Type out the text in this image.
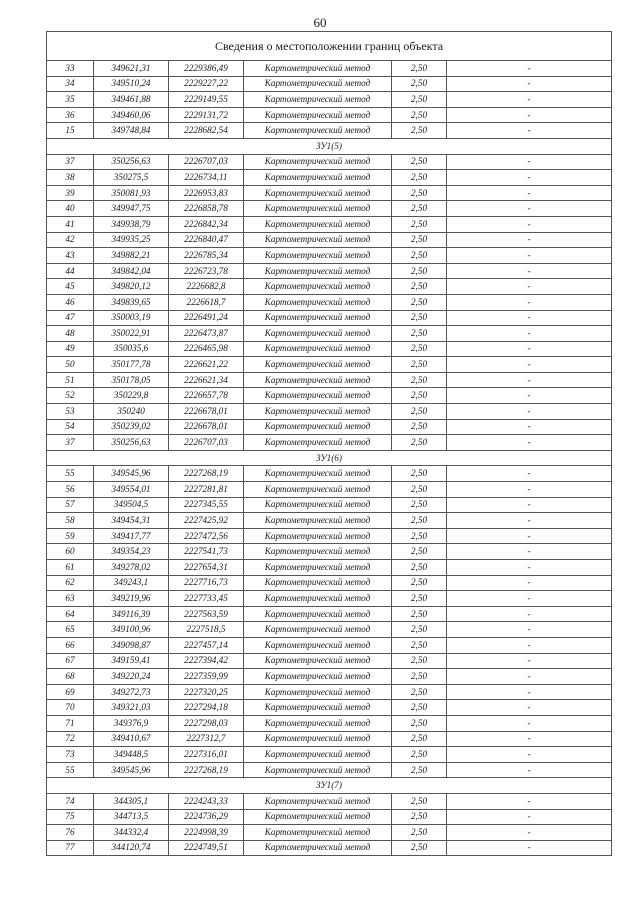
60
Сведения о местоположении границ объекта					
33	349621,31	2229386,49	Картометрический метод	2,50	-
34	349510,24	2229227,22	Картометрический метод	2,50	-
35	349461,88	2229149,55	Картометрический метод	2,50	-
36	349460,06	2229131,72	Картометрический метод	2,50	-
15	349748,84	2228682,54	Картометрический метод	2,50	-
ЗУ1(5)					
37	350256,63	2226707,03	Картометрический метод	2,50	-
38	350275,5	2226734,11	Картометрический метод	2,50	-
39	350081,93	2226953,83	Картометрический метод	2,50	-
40	349947,75	2226858,78	Картометрический метод	2,50	-
41	349938,79	2226842,34	Картометрический метод	2,50	-
42	349935,25	2226840,47	Картометрический метод	2,50	-
43	349882,21	2226785,34	Картометрический метод	2,50	-
44	349842,04	2226723,78	Картометрический метод	2,50	-
45	349820,12	2226682,8	Картометрический метод	2,50	-
46	349839,65	2226618,7	Картометрический метод	2,50	-
47	350003,19	2226491,24	Картометрический метод	2,50	-
48	350022,91	2226473,87	Картометрический метод	2,50	-
49	350035,6	2226465,98	Картометрический метод	2,50	-
50	350177,78	2226621,22	Картометрический метод	2,50	-
51	350178,05	2226621,34	Картометрический метод	2,50	-
52	350229,8	2226657,78	Картометрический метод	2,50	-
53	350240	2226678,01	Картометрический метод	2,50	-
54	350239,02	2226678,01	Картометрический метод	2,50	-
37	350256,63	2226707,03	Картометрический метод	2,50	-
ЗУ1(6)					
55	349545,96	2227268,19	Картометрический метод	2,50	-
56	349554,01	2227281,81	Картометрический метод	2,50	-
57	349504,5	2227345,55	Картометрический метод	2,50	-
58	349454,31	2227425,92	Картометрический метод	2,50	-
59	349417,77	2227472,56	Картометрический метод	2,50	-
60	349354,23	2227541,73	Картометрический метод	2,50	-
61	349278,02	2227654,31	Картометрический метод	2,50	-
62	349243,1	2227716,73	Картометрический метод	2,50	-
63	349219,96	2227733,45	Картометрический метод	2,50	-
64	349116,39	2227563,59	Картометрический метод	2,50	-
65	349100,96	2227518,5	Картометрический метод	2,50	-
66	349098,87	2227457,14	Картометрический метод	2,50	-
67	349159,41	2227394,42	Картометрический метод	2,50	-
68	349220,24	2227359,99	Картометрический метод	2,50	-
69	349272,73	2227320,25	Картометрический метод	2,50	-
70	349321,03	2227294,18	Картометрический метод	2,50	-
71	349376,9	2227298,03	Картометрический метод	2,50	-
72	349410,67	2227312,7	Картометрический метод	2,50	-
73	349448,5	2227316,01	Картометрический метод	2,50	-
55	349545,96	2227268,19	Картометрический метод	2,50	-
ЗУ1(7)					
74	344305,1	2224243,33	Картометрический метод	2,50	-
75	344713,5	2224736,29	Картометрический метод	2,50	-
76	344332,4	2224998,39	Картометрический метод	2,50	-
77	344120,74	2224749,51	Картометрический метод	2,50	-
